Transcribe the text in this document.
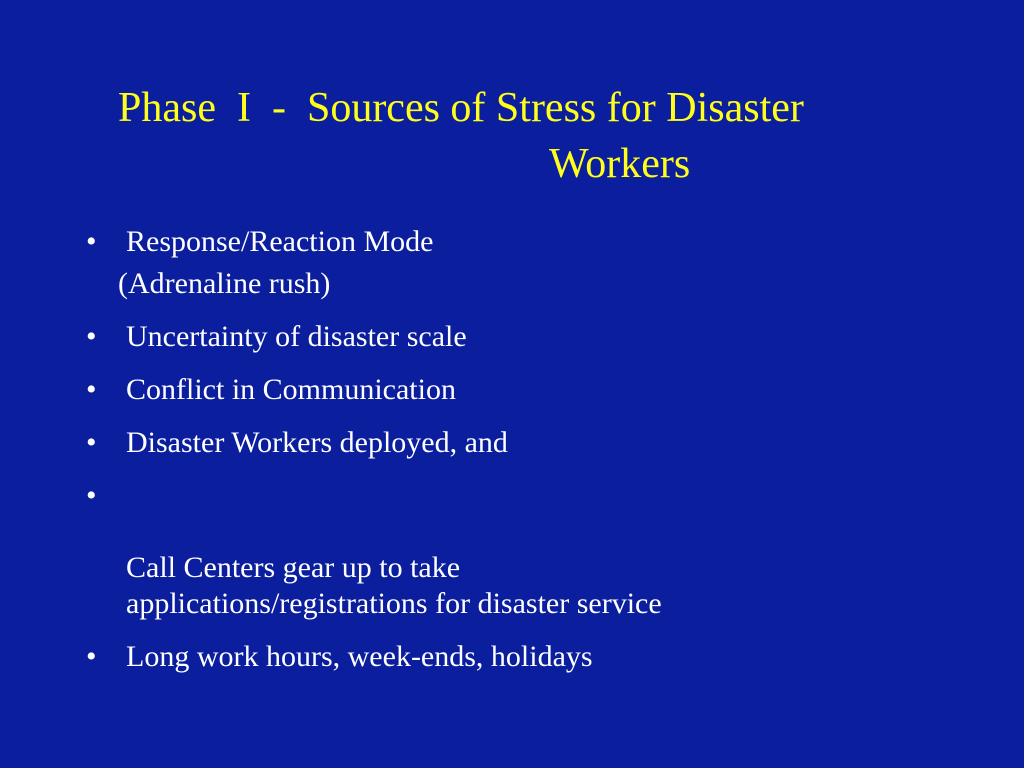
Phase  I  -  Sources of Stress for Disaster
Workers
• Response/Reaction Mode
(Adrenaline rush)
• Uncertainty of disaster scale
• Conflict in Communication
• Disaster Workers deployed, and

•

Call Centers gear up to take
applications/registrations for disaster service

• Long work hours, week-ends, holidays
